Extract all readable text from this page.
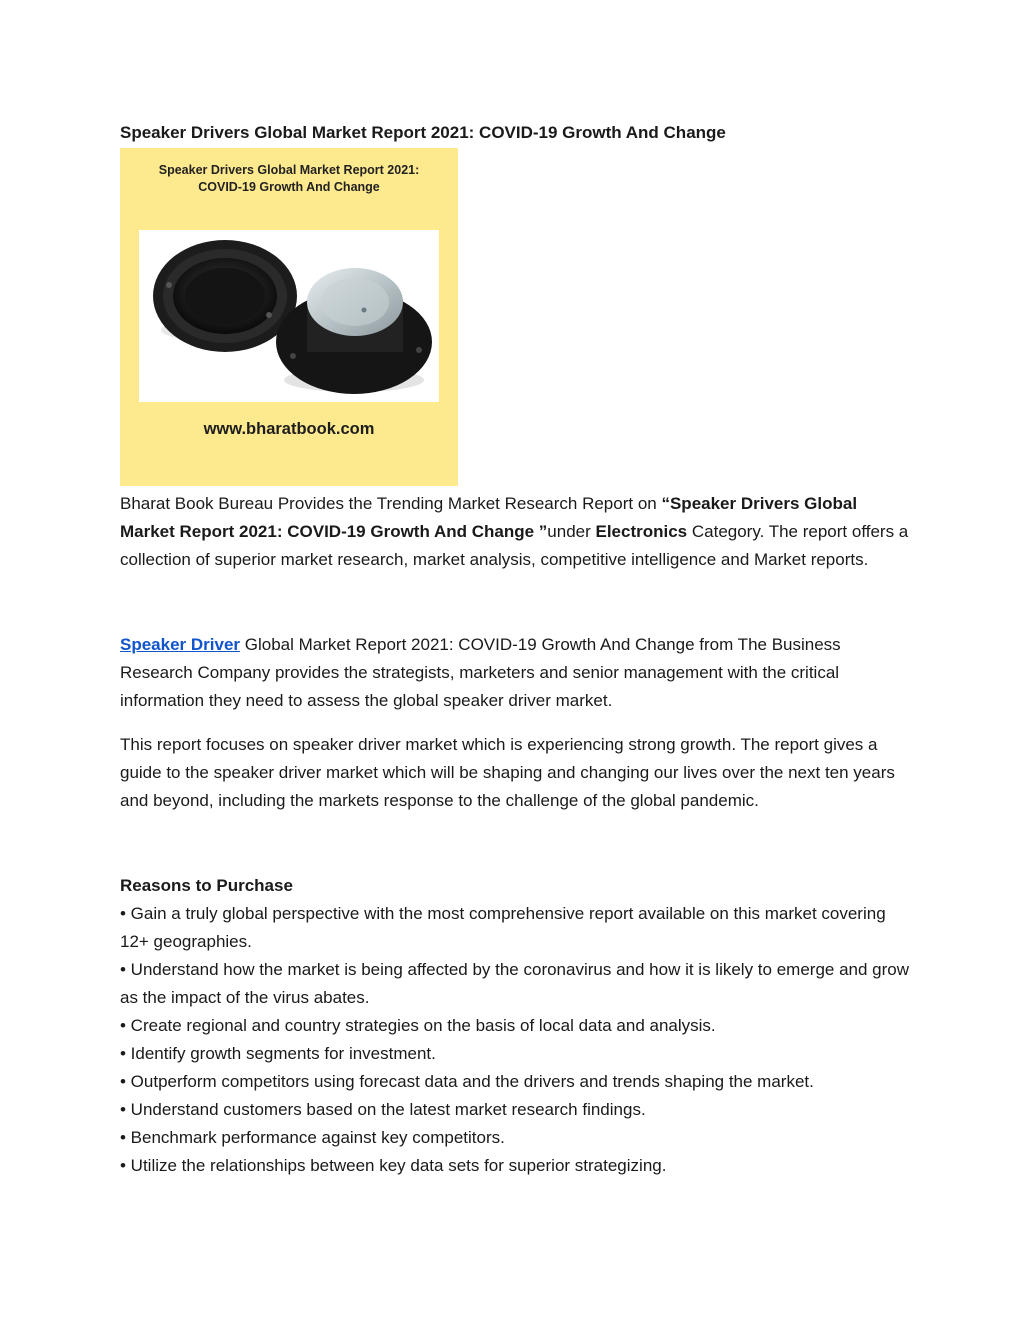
Speaker Drivers Global Market Report 2021: COVID-19 Growth And Change
Speaker Drivers Global Market Report 2021:
COVID-19 Growth And Change
www.bharatbook.com
Bharat Book Bureau Provides the Trending Market Research Report on “Speaker Drivers Global Market Report 2021: COVID-19 Growth And Change ”under Electronics Category. The report offers a collection of superior market research, market analysis, competitive intelligence and Market reports.
Speaker Driver Global Market Report 2021: COVID-19 Growth And Change from The Business Research Company provides the strategists, marketers and senior management with the critical information they need to assess the global speaker driver market.
This report focuses on speaker driver market which is experiencing strong growth. The report gives a guide to the speaker driver market which will be shaping and changing our lives over the next ten years and beyond, including the markets response to the challenge of the global pandemic.
Reasons to Purchase
• Gain a truly global perspective with the most comprehensive report available on this market covering 12+ geographies.
• Understand how the market is being affected by the coronavirus and how it is likely to emerge and grow as the impact of the virus abates.
• Create regional and country strategies on the basis of local data and analysis.
• Identify growth segments for investment.
• Outperform competitors using forecast data and the drivers and trends shaping the market.
• Understand customers based on the latest market research findings.
• Benchmark performance against key competitors.
• Utilize the relationships between key data sets for superior strategizing.
